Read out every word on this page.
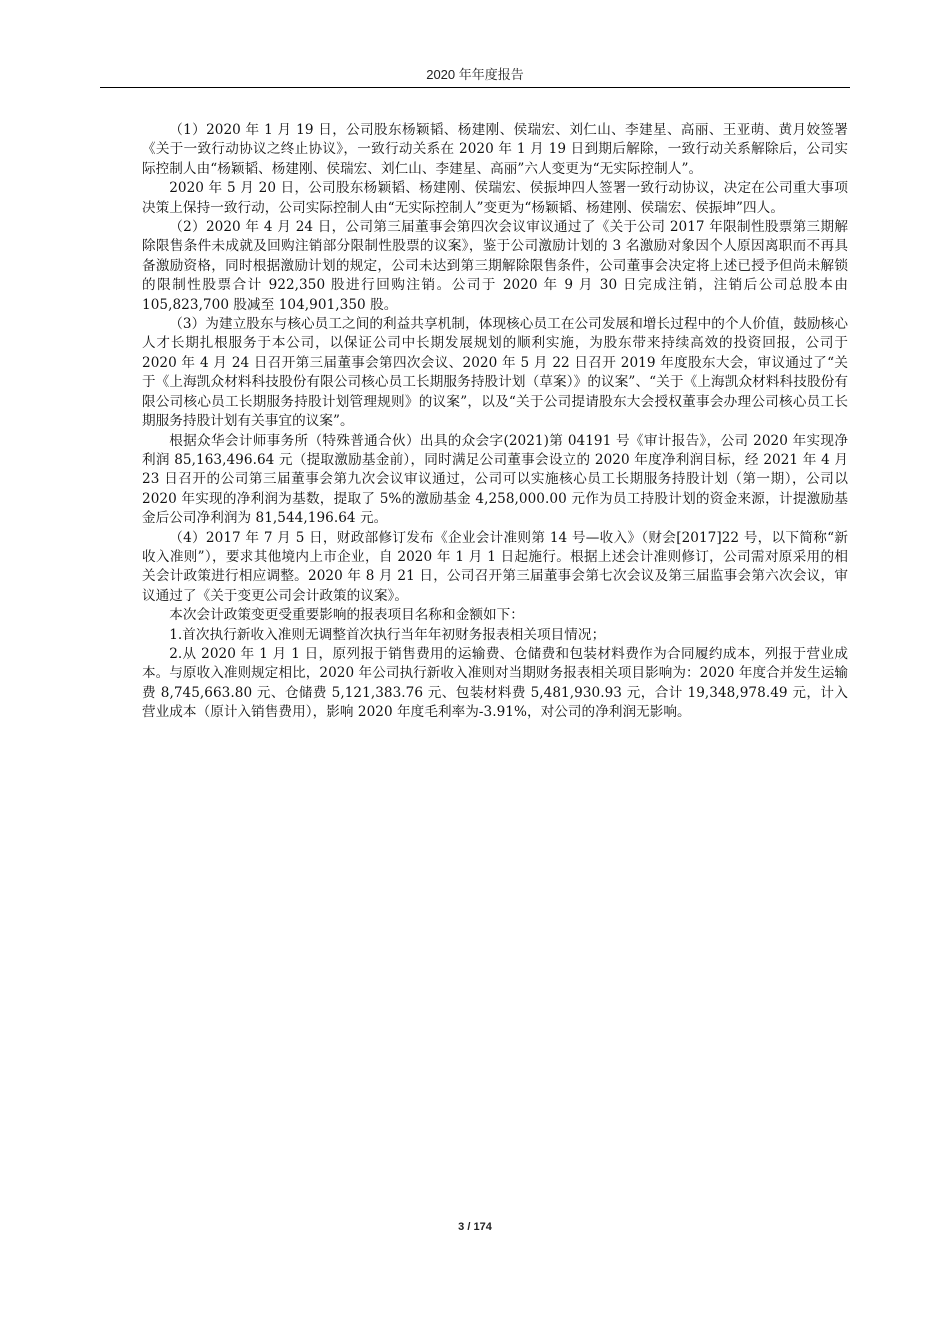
2020 年年度报告

（1）2020 年 1 月 19 日，公司股东杨颖韬、杨建刚、侯瑞宏、刘仁山、李建星、高丽、王亚萌、黄月姣签署《关于一致行动协议之终止协议》，一致行动关系在 2020 年 1 月 19 日到期后解除，一致行动关系解除后，公司实际控制人由“杨颖韬、杨建刚、侯瑞宏、刘仁山、李建星、高丽”六人变更为“无实际控制人”。

2020 年 5 月 20 日，公司股东杨颖韬、杨建刚、侯瑞宏、侯振坤四人签署一致行动协议，决定在公司重大事项决策上保持一致行动，公司实际控制人由“无实际控制人”变更为“杨颖韬、杨建刚、侯瑞宏、侯振坤”四人。

（2）2020 年 4 月 24 日，公司第三届董事会第四次会议审议通过了《关于公司 2017 年限制性股票第三期解除限售条件未成就及回购注销部分限制性股票的议案》，鉴于公司激励计划的 3 名激励对象因个人原因离职而不再具备激励资格，同时根据激励计划的规定，公司未达到第三期解除限售条件，公司董事会决定将上述已授予但尚未解锁的限制性股票合计 922,350 股进行回购注销。公司于 2020 年 9 月 30 日完成注销，注销后公司总股本由 105,823,700 股减至 104,901,350 股。

（3）为建立股东与核心员工之间的利益共享机制，体现核心员工在公司发展和增长过程中的个人价值，鼓励核心人才长期扎根服务于本公司，以保证公司中长期发展规划的顺利实施，为股东带来持续高效的投资回报，公司于 2020 年 4 月 24 日召开第三届董事会第四次会议、2020 年 5 月 22 日召开 2019 年度股东大会，审议通过了“关于《上海凯众材料科技股份有限公司核心员工长期服务持股计划（草案）》的议案”、“关于《上海凯众材料科技股份有限公司核心员工长期服务持股计划管理规则》的议案”，以及“关于公司提请股东大会授权董事会办理公司核心员工长期服务持股计划有关事宜的议案”。

根据众华会计师事务所（特殊普通合伙）出具的众会字(2021)第 04191 号《审计报告》，公司 2020 年实现净利润 85,163,496.64 元（提取激励基金前），同时满足公司董事会设立的 2020 年度净利润目标，经 2021 年 4 月 23 日召开的公司第三届董事会第九次会议审议通过，公司可以实施核心员工长期服务持股计划（第一期），公司以 2020 年实现的净利润为基数，提取了 5%的激励基金 4,258,000.00 元作为员工持股计划的资金来源，计提激励基金后公司净利润为 81,544,196.64 元。

（4）2017 年 7 月 5 日，财政部修订发布《企业会计准则第 14 号—收入》（财会[2017]22 号，以下简称“新收入准则”），要求其他境内上市企业，自 2020 年 1 月 1 日起施行。根据上述会计准则修订，公司需对原采用的相关会计政策进行相应调整。2020 年 8 月 21 日，公司召开第三届董事会第七次会议及第三届监事会第六次会议，审议通过了《关于变更公司会计政策的议案》。

本次会计政策变更受重要影响的报表项目名称和金额如下：

1.首次执行新收入准则无调整首次执行当年年初财务报表相关项目情况；

2.从 2020 年 1 月 1 日，原列报于销售费用的运输费、仓储费和包装材料费作为合同履约成本，列报于营业成本。与原收入准则规定相比，2020 年公司执行新收入准则对当期财务报表相关项目影响为：2020 年度合并发生运输费 8,745,663.80 元、仓储费 5,121,383.76 元、包装材料费 5,481,930.93 元，合计 19,348,978.49 元，计入营业成本（原计入销售费用），影响 2020 年度毛利率为-3.91%，对公司的净利润无影响。

3 / 174
